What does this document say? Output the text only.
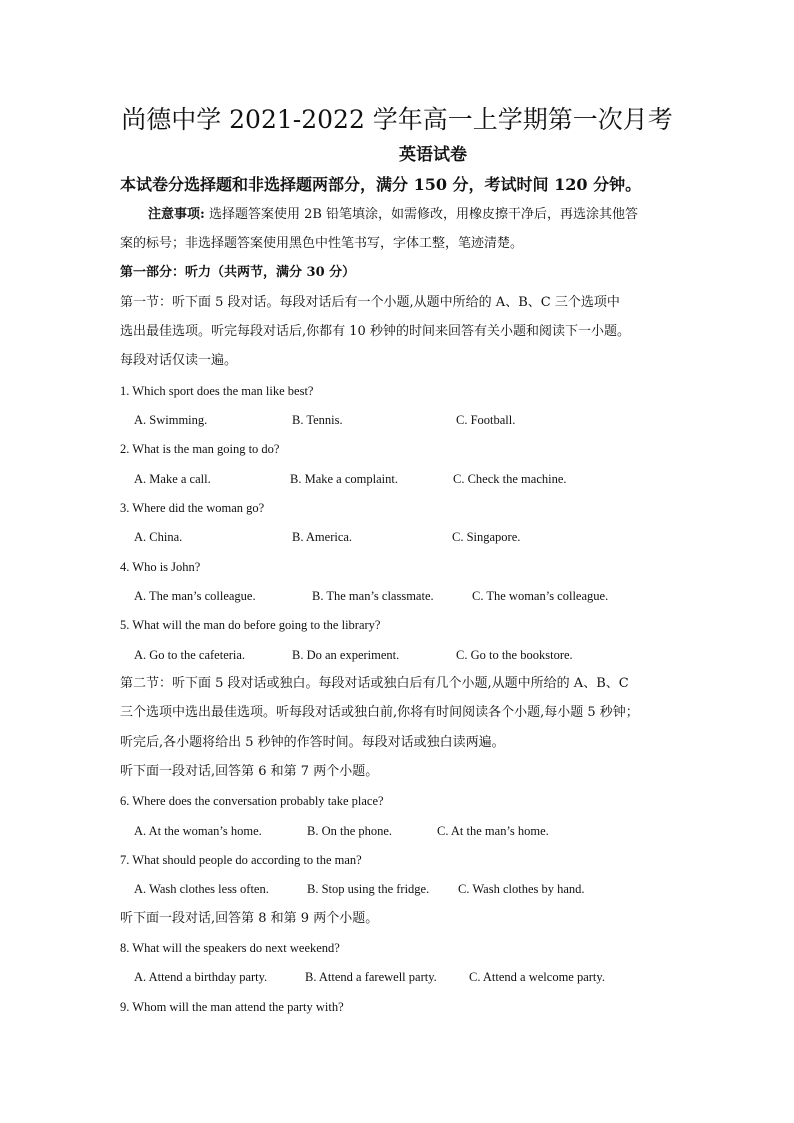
尚德中学 2021-2022 学年高一上学期第一次月考
英语试卷
本试卷分选择题和非选择题两部分，满分 150 分，考试时间 120 分钟。
注意事项: 选择题答案使用 2B 铅笔填涂，如需修改，用橡皮擦干净后，再选涂其他答
案的标号；非选择题答案使用黑色中性笔书写，字体工整，笔迹清楚。
第一部分：听力（共两节，满分 30 分）
第一节：听下面 5 段对话。每段对话后有一个小题,从题中所给的 A、B、C 三个选项中
选出最佳选项。听完每段对话后,你都有 10 秒钟的时间来回答有关小题和阅读下一小题。
每段对话仅读一遍。
1. Which sport does the man like best?
A. Swimming.	B. Tennis.	C. Football.
2. What is the man going to do?
A. Make a call.	B. Make a complaint.	C. Check the machine.
3. Where did the woman go?
A. China.	B. America.	C. Singapore.
4. Who is John?
A. The man’s colleague.	B. The man’s classmate.	C. The woman’s colleague.
5. What will the man do before going to the library?
A. Go to the cafeteria.	B. Do an experiment.	C. Go to the bookstore.
第二节：听下面 5 段对话或独白。每段对话或独白后有几个小题,从题中所给的 A、B、C
三个选项中选出最佳选项。听每段对话或独白前,你将有时间阅读各个小题,每小题 5 秒钟；
听完后,各小题将给出 5 秒钟的作答时间。每段对话或独白读两遍。
听下面一段对话,回答第 6 和第 7 两个小题。
6. Where does the conversation probably take place?
A. At the woman’s home.	B. On the phone.	C. At the man’s home.
7. What should people do according to the man?
A. Wash clothes less often.	B. Stop using the fridge. C. Wash clothes by hand.
听下面一段对话,回答第 8 和第 9 两个小题。
8. What will the speakers do next weekend?
A. Attend a birthday party.	B. Attend a farewell party.	C. Attend a welcome party.
9. Whom will the man attend the party with?
